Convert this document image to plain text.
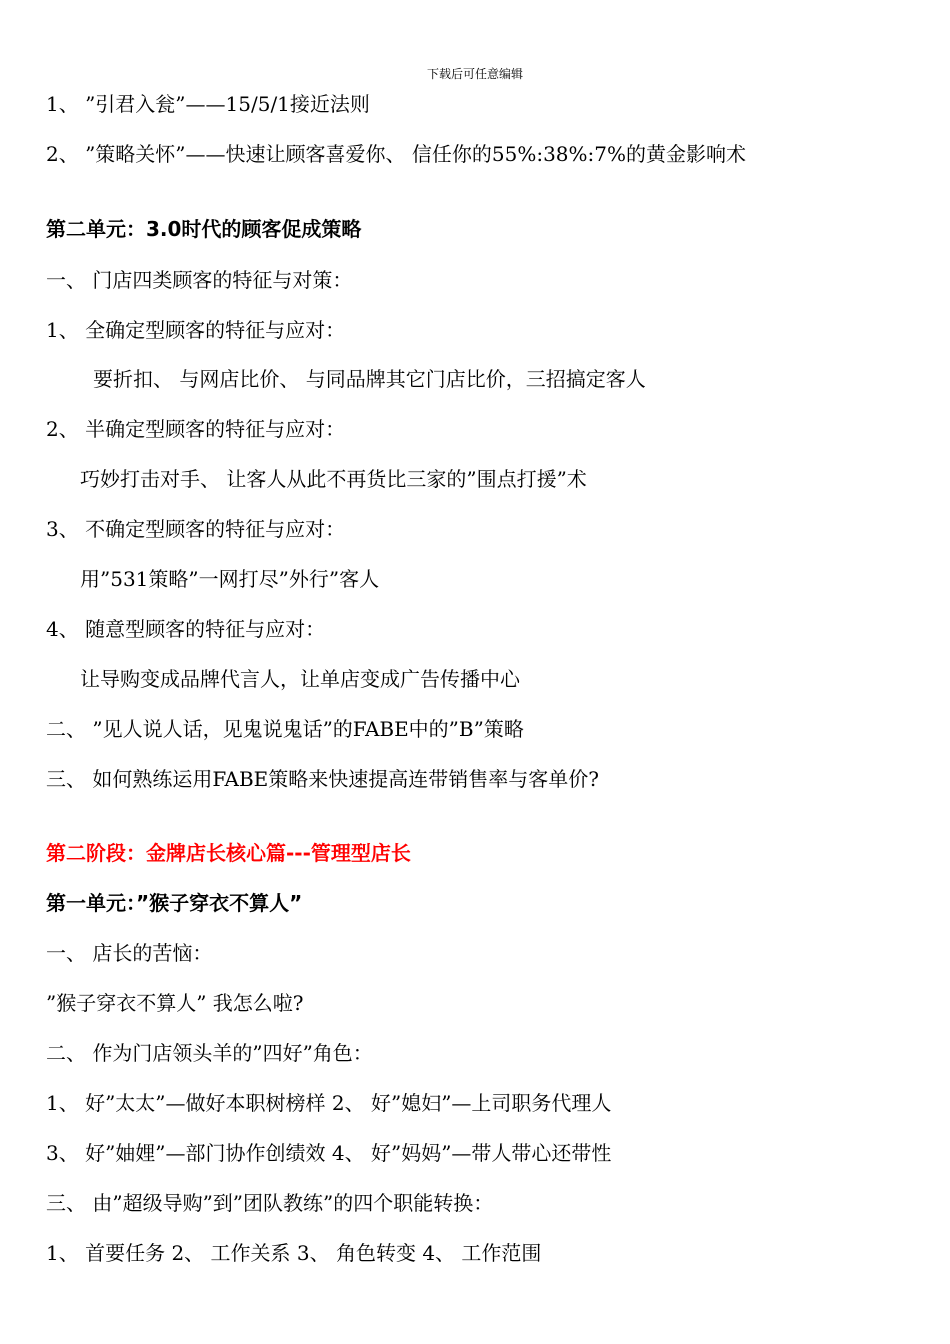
下载后可任意编辑
1、 ”引君入瓮”——15/5/1接近法则
2、 ”策略关怀”——快速让顾客喜爱你、 信任你的55%:38%:7%的黄金影响术
第二单元：3.0时代的顾客促成策略
一、 门店四类顾客的特征与对策：
1、 全确定型顾客的特征与应对：
要折扣、 与网店比价、 与同品牌其它门店比价，三招搞定客人
2、 半确定型顾客的特征与应对：
巧妙打击对手、 让客人从此不再货比三家的”围点打援”术
3、 不确定型顾客的特征与应对：
用”531策略”一网打尽”外行”客人
4、 随意型顾客的特征与应对：
让导购变成品牌代言人，让单店变成广告传播中心
二、 ”见人说人话，见鬼说鬼话”的FABE中的”B”策略
三、 如何熟练运用FABE策略来快速提高连带销售率与客单价?
第二阶段：金牌店长核心篇---管理型店长
第一单元：”猴子穿衣不算人”
一、 店长的苦恼：
”猴子穿衣不算人” 我怎么啦?
二、 作为门店领头羊的”四好”角色：
1、 好”太太”—做好本职树榜样 2、 好”媳妇”—上司职务代理人
3、 好”妯娌”—部门协作创绩效 4、 好”妈妈”—带人带心还带性
三、 由”超级导购”到”团队教练”的四个职能转换：
1、 首要任务 2、 工作关系 3、 角色转变 4、 工作范围
